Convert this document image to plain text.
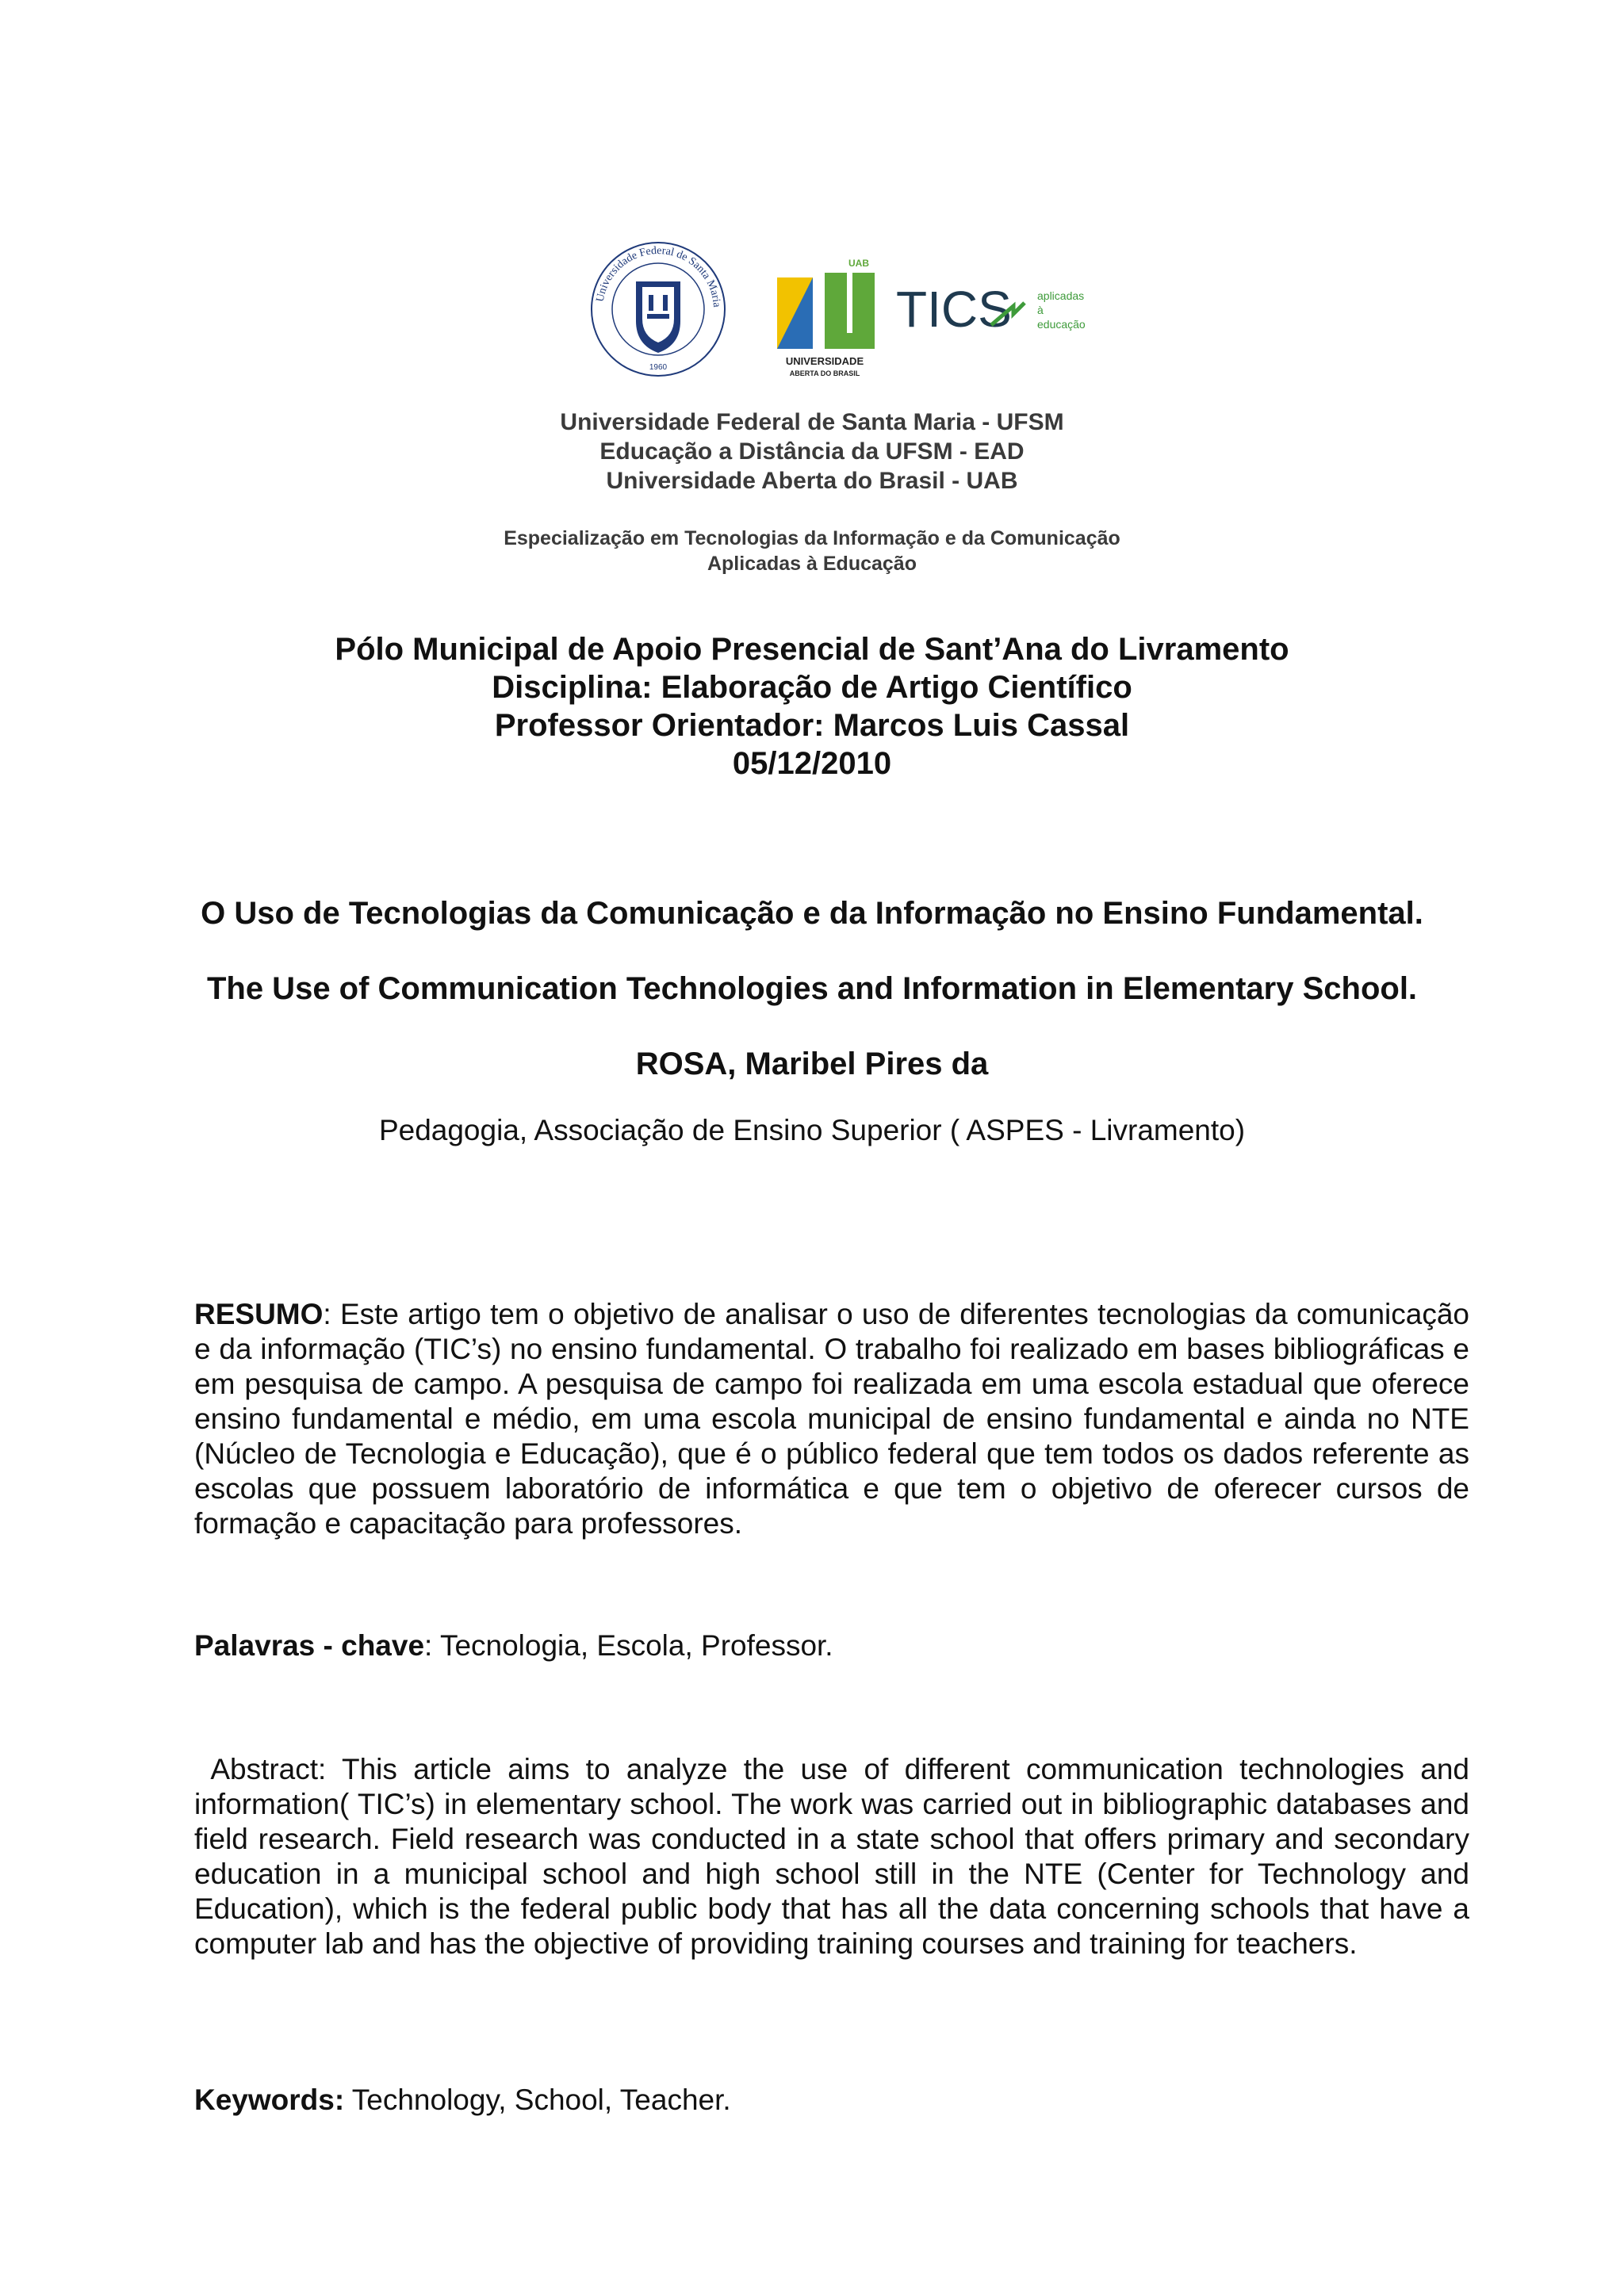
Universidade Federal de Santa Maria
1960
UAB
UNIVERSIDADE
ABERTA DO BRASIL
TICS aplicadas
à
educação
Universidade Federal de Santa Maria - UFSM
Educação a Distância da UFSM - EAD
Universidade Aberta do Brasil - UAB
Especialização em Tecnologias da Informação e da Comunicação
Aplicadas à Educação
Pólo Municipal de Apoio Presencial de Sant’Ana do Livramento
Disciplina: Elaboração de Artigo Científico
Professor Orientador: Marcos Luis Cassal
05/12/2010
O Uso de Tecnologias da Comunicação e da Informação no Ensino Fundamental.
The Use of Communication Technologies and Information in Elementary School.
ROSA, Maribel Pires da
Pedagogia, Associação de Ensino Superior ( ASPES - Livramento)
RESUMO: Este artigo tem o objetivo de analisar o uso de diferentes tecnologias da comunicação e da informação (TIC’s) no ensino fundamental. O trabalho foi realizado em bases bibliográficas e em pesquisa de campo. A pesquisa de campo foi realizada em uma escola estadual que oferece ensino fundamental e médio, em uma escola municipal de ensino fundamental e ainda no NTE (Núcleo de Tecnologia e Educação), que é o público federal que tem todos os dados referente as escolas que possuem laboratório de informática e que tem o objetivo de oferecer cursos de formação e capacitação para professores.
Palavras - chave: Tecnologia, Escola, Professor.
Abstract: This article aims to analyze the use of different communication technologies and information( TIC’s) in elementary school. The work was carried out in bibliographic databases and field research. Field research was conducted in a state school that offers primary and secondary education in a municipal school and high school still in the NTE (Center for Technology and Education), which is the federal public body that has all the data concerning schools that have a computer lab and has the objective of providing training courses and training for teachers.
Keywords: Technology, School, Teacher.
